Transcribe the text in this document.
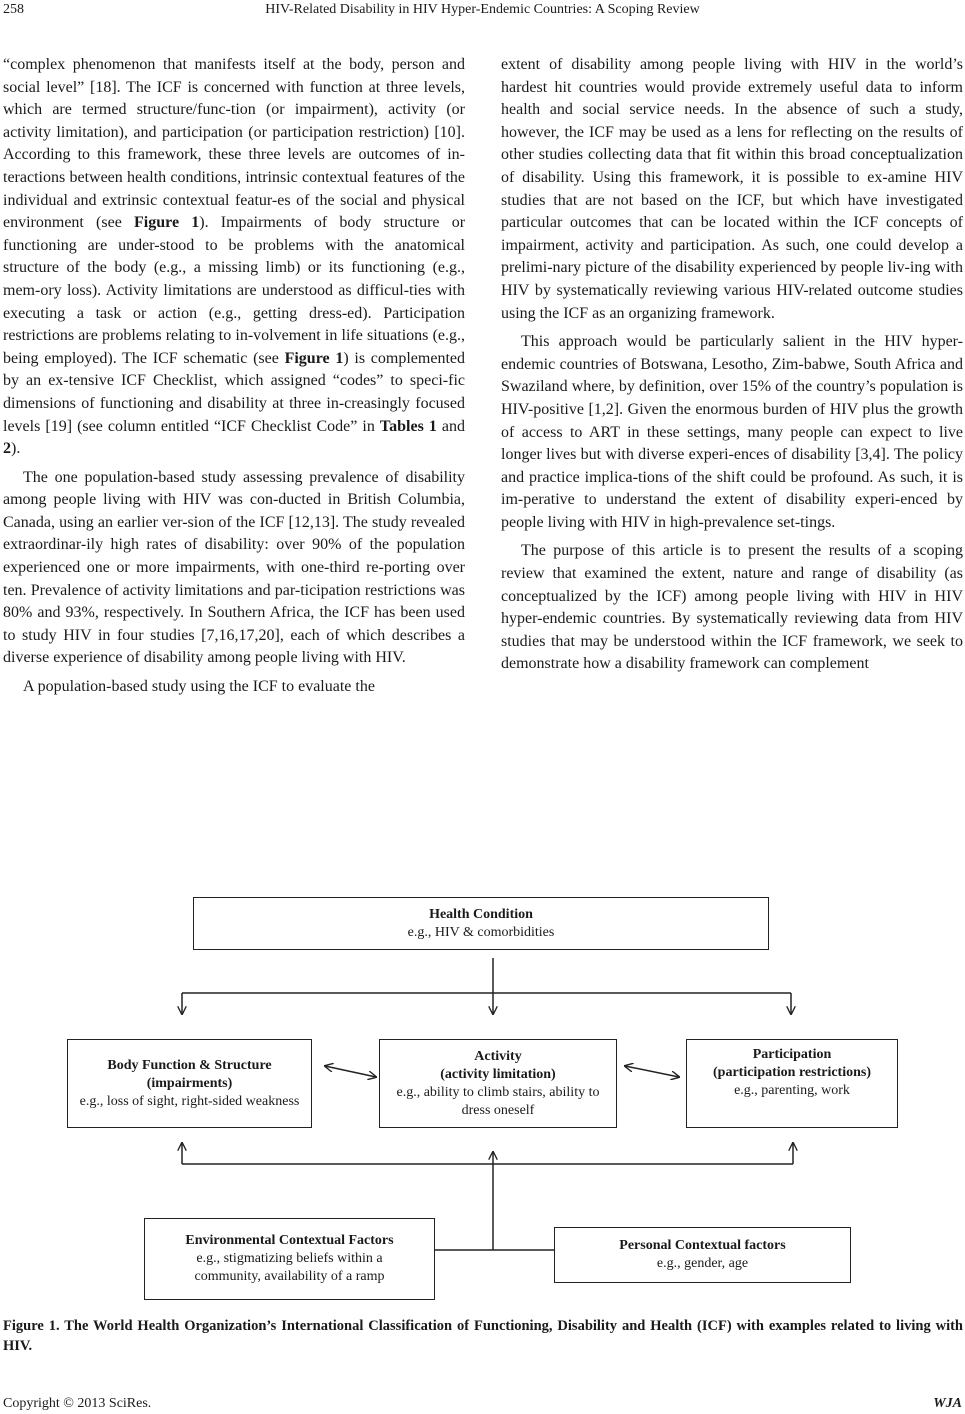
258	HIV-Related Disability in HIV Hyper-Endemic Countries: A Scoping Review

“complex phenomenon that manifests itself at the body, person and social level” [18]. The ICF is concerned with function at three levels, which are termed structure/func-tion (or impairment), activity (or activity limitation), and participation (or participation restriction) [10]. According to this framework, these three levels are outcomes of in-teractions between health conditions, intrinsic contextual features of the individual and extrinsic contextual featur-es of the social and physical environment (see Figure 1). Impairments of body structure or functioning are under-stood to be problems with the anatomical structure of the body (e.g., a missing limb) or its functioning (e.g., mem-ory loss). Activity limitations are understood as difficul-ties with executing a task or action (e.g., getting dress-ed). Participation restrictions are problems relating to in-volvement in life situations (e.g., being employed). The ICF schematic (see Figure 1) is complemented by an ex-tensive ICF Checklist, which assigned “codes” to speci-fic dimensions of functioning and disability at three in-creasingly focused levels [19] (see column entitled “ICF Checklist Code” in Tables 1 and 2).

The one population-based study assessing prevalence of disability among people living with HIV was con-ducted in British Columbia, Canada, using an earlier ver-sion of the ICF [12,13]. The study revealed extraordinar-ily high rates of disability: over 90% of the population experienced one or more impairments, with one-third re-porting over ten. Prevalence of activity limitations and par-ticipation restrictions was 80% and 93%, respectively. In Southern Africa, the ICF has been used to study HIV in four studies [7,16,17,20], each of which describes a diverse experience of disability among people living with HIV.

A population-based study using the ICF to evaluate the

extent of disability among people living with HIV in the world’s hardest hit countries would provide extremely useful data to inform health and social service needs. In the absence of such a study, however, the ICF may be used as a lens for reflecting on the results of other studies collecting data that fit within this broad conceptualization of disability. Using this framework, it is possible to ex-amine HIV studies that are not based on the ICF, but which have investigated particular outcomes that can be located within the ICF concepts of impairment, activity and participation. As such, one could develop a prelimi-nary picture of the disability experienced by people liv-ing with HIV by systematically reviewing various HIV-related outcome studies using the ICF as an organizing framework.

This approach would be particularly salient in the HIV hyper-endemic countries of Botswana, Lesotho, Zim-babwe, South Africa and Swaziland where, by definition, over 15% of the country’s population is HIV-positive [1,2]. Given the enormous burden of HIV plus the growth of access to ART in these settings, many people can expect to live longer lives but with diverse experi-ences of disability [3,4]. The policy and practice implica-tions of the shift could be profound. As such, it is im-perative to understand the extent of disability experi-enced by people living with HIV in high-prevalence set-tings.

The purpose of this article is to present the results of a scoping review that examined the extent, nature and range of disability (as conceptualized by the ICF) among people living with HIV in HIV hyper-endemic countries. By systematically reviewing data from HIV studies that may be understood within the ICF framework, we seek to demonstrate how a disability framework can complement

Health Condition
e.g., HIV & comorbidities
Body Function & Structure
(impairments)
e.g., loss of sight, right-sided weakness
Activity
(activity limitation)
e.g., ability to climb stairs, ability to dress oneself
Participation
(participation restrictions)
e.g., parenting, work
Environmental Contextual Factors
e.g., stigmatizing beliefs within a community, availability of a ramp
Personal Contextual factors
e.g., gender, age
Figure 1. The World Health Organization’s International Classification of Functioning, Disability and Health (ICF) with examples related to living with HIV.
Copyright © 2013 SciRes.	WJA
